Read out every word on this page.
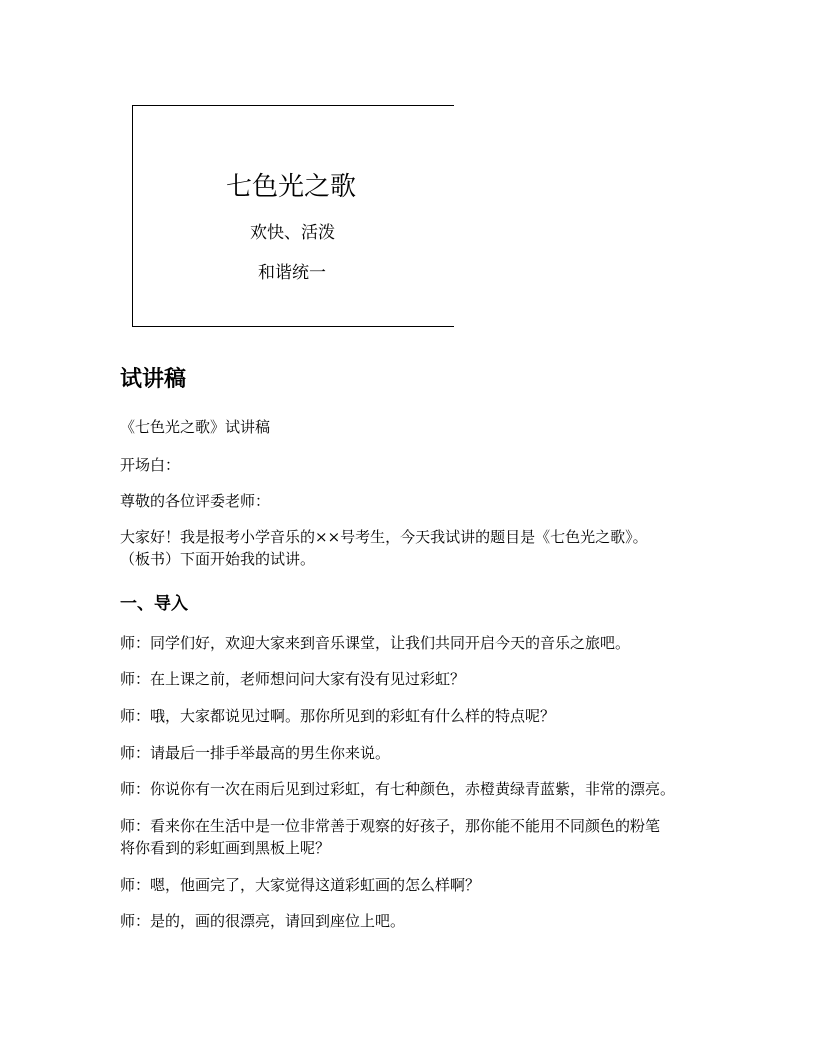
七色光之歌
欢快、活泼
和谐统一
试讲稿

《七色光之歌》试讲稿

开场白：

尊敬的各位评委老师：

大家好！我是报考小学音乐的××号考生，今天我试讲的题目是《七色光之歌》。

（板书）下面开始我的试讲。

一、导入

师：同学们好，欢迎大家来到音乐课堂，让我们共同开启今天的音乐之旅吧。

师：在上课之前，老师想问问大家有没有见过彩虹？

师：哦，大家都说见过啊。那你所见到的彩虹有什么样的特点呢？

师：请最后一排手举最高的男生你来说。

师：你说你有一次在雨后见到过彩虹，有七种颜色，赤橙黄绿青蓝紫，非常的漂亮。

师：看来你在生活中是一位非常善于观察的好孩子，那你能不能用不同颜色的粉笔

将你看到的彩虹画到黑板上呢？

师：嗯，他画完了，大家觉得这道彩虹画的怎么样啊？

师：是的，画的很漂亮，请回到座位上吧。
